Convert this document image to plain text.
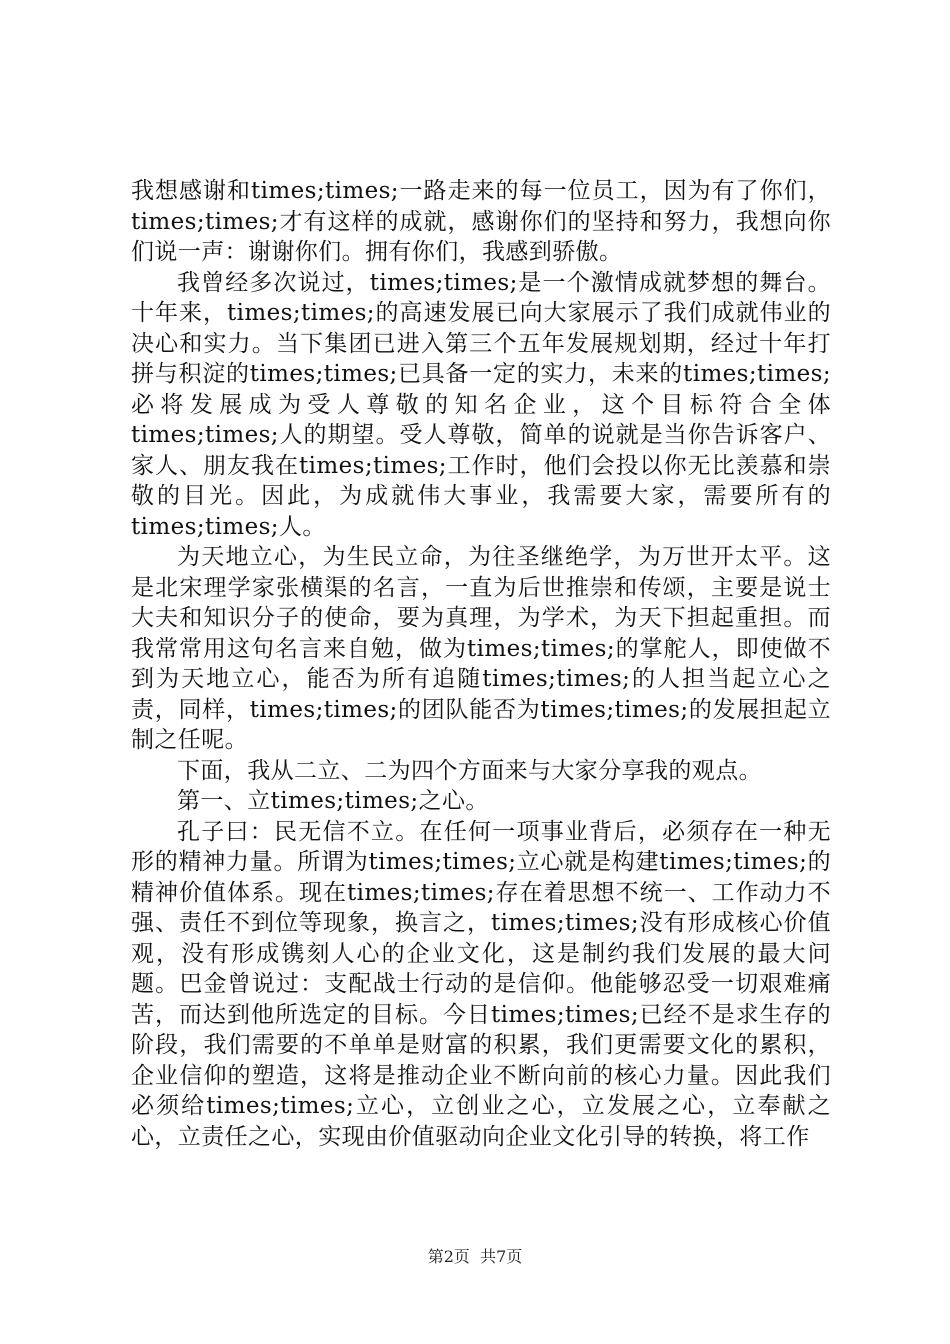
我想感谢和times;times;一路走来的每一位员工，因为有了你们，times;times;才有这样的成就，感谢你们的坚持和努力，我想向你们说一声：谢谢你们。拥有你们，我感到骄傲。

我曾经多次说过，times;times;是一个激情成就梦想的舞台。十年来，times;times;的高速发展已向大家展示了我们成就伟业的决心和实力。当下集团已进入第三个五年发展规划期，经过十年打拼与积淀的times;times;已具备一定的实力，未来的times;times;必将发展成为受人尊敬的知名企业，这个目标符合全体times;times;人的期望。受人尊敬，简单的说就是当你告诉客户、家人、朋友我在times;times;工作时，他们会投以你无比羡慕和崇敬的目光。因此，为成就伟大事业，我需要大家，需要所有的times;times;人。

为天地立心，为生民立命，为往圣继绝学，为万世开太平。这是北宋理学家张横渠的名言，一直为后世推崇和传颂，主要是说士大夫和知识分子的使命，要为真理，为学术，为天下担起重担。而我常常用这句名言来自勉，做为times;times;的掌舵人，即使做不到为天地立心，能否为所有追随times;times;的人担当起立心之责，同样，times;times;的团队能否为times;times;的发展担起立制之任呢。

下面，我从二立、二为四个方面来与大家分享我的观点。

第一、立times;times;之心。

孔子曰：民无信不立。在任何一项事业背后，必须存在一种无形的精神力量。所谓为times;times;立心就是构建times;times;的精神价值体系。现在times;times;存在着思想不统一、工作动力不强、责任不到位等现象，换言之，times;times;没有形成核心价值观，没有形成镌刻人心的企业文化，这是制约我们发展的最大问题。巴金曾说过：支配战士行动的是信仰。他能够忍受一切艰难痛苦，而达到他所选定的目标。今日times;times;已经不是求生存的阶段，我们需要的不单单是财富的积累，我们更需要文化的累积，企业信仰的塑造，这将是推动企业不断向前的核心力量。因此我们必须给times;times;立心，立创业之心，立发展之心，立奉献之心，立责任之心，实现由价值驱动向企业文化引导的转换，将工作

第2页 共7页
